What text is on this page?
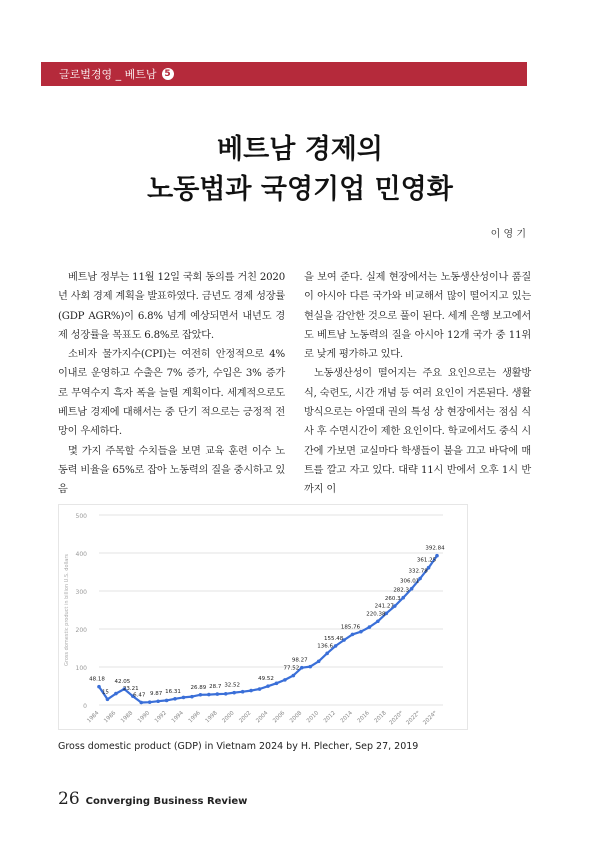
글로벌경영 _ 베트남 5
베트남 경제의
노동법과 국영기업 민영화
이 영 기

베트남 정부는 11월 12일 국회 동의를 거친 2020년 사회 경제 계획을 발표하였다. 금년도 경제 성장률(GDP AGR%)이 6.8% 넘게 예상되면서 내년도 경제 성장률을 목표도 6.8%로 잡았다.

소비자 물가지수(CPI)는 여전히 안정적으로 4%이내로 운영하고 수출은 7% 증가, 수입은 3% 증가로 무역수지 흑자 폭을 늘릴 계획이다. 세계적으로도 베트남 경제에 대해서는 중 단기 적으로는 긍정적 전망이 우세하다.

몇 가지 주목할 수치들을 보면 교육 훈련 이수 노동력 비율을 65%로 잡아 노동력의 질을 중시하고 있음

을 보여 준다. 실제 현장에서는 노동생산성이나 품질이 아시아 다른 국가와 비교해서 많이 떨어지고 있는 현실을 감안한 것으로 풀이 된다. 세계 은행 보고에서도 베트남 노동력의 질을 아시아 12개 국가 중 11위로 낮게 평가하고 있다.

노동생산성이 떨어지는 주요 요인으로는 생활방식, 숙련도, 시간 개념 등 여러 요인이 거론된다. 생활방식으로는 아열대 권의 특성 상 현장에서는 점심 식사 후 수면시간이 제한 요인이다. 학교에서도 중식 시간에 가보면 교실마다 학생들이 불을 끄고 바닥에 매트를 깔고 자고 있다. 대략 11시 반에서 오후 1시 반까지 이

0
100
200
300
400
500
Gross domestic product in billion U.S. dollars
1984 1986 1988 1990 1992 1994 1996 1998 2000 2002 2004 2006 2008 2010 2012 2014 2016 2018 2020* 2022* 2024*
48.18
15
42.05
23.21
6.47 9.87 16.31
26.89 28.7 32.52
49.52
77.52
98.27
136.6
155.48
185.76
220.38
241.27
260.3
282.3
306.01
332.78
361.25
392.84
Gross domestic product (GDP) in Vietnam 2024 by H. Plecher, Sep 27, 2019
26 Converging Business Review
